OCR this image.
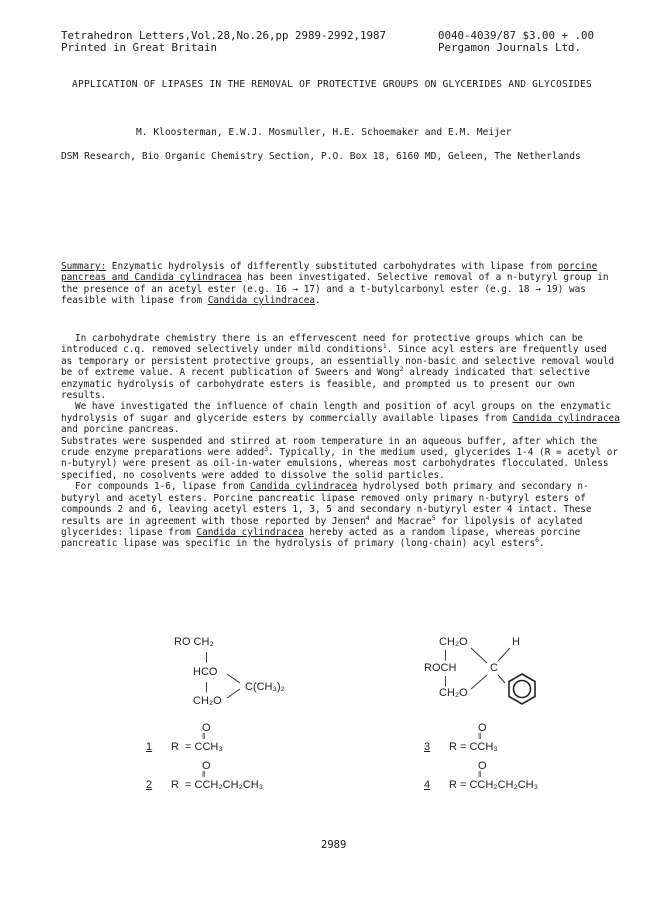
Tetrahedron Letters,Vol.28,No.26,pp 2989-2992,1987
Printed in Great Britain
0040-4039/87 $3.00 + .00
Pergamon Journals Ltd.
APPLICATION OF LIPASES IN THE REMOVAL OF PROTECTIVE GROUPS ON GLYCERIDES AND GLYCOSIDES
M. Kloosterman, E.W.J. Mosmuller, H.E. Schoemaker and E.M. Meijer
DSM Research, Bio Organic Chemistry Section, P.O. Box 18, 6160 MD, Geleen, The Netherlands

Summary: Enzymatic hydrolysis of differently substituted carbohydrates with lipase from porcine pancreas and Candida cylindracea has been investigated. Selective removal of a n-butyryl group in the presence of an acetyl ester (e.g. 16 → 17) and a t-butylcarbonyl ester (e.g. 18 → 19) was feasible with lipase from Candida cylindracea.

In carbohydrate chemistry there is an effervescent need for protective groups which can be introduced c.q. removed selectively under mild conditions$^1$. Since acyl esters are frequently used as temporary or persistent protective groups, an essentially non-basic and selective removal would be of extreme value. A recent publication of Sweers and Wong$^2$ already indicated that selective enzymatic hydrolysis of carbohydrate esters is feasible, and prompted us to present our own results.

We have investigated the influence of chain length and position of acyl groups on the enzymatic hydrolysis of sugar and glyceride esters by commercially available lipases from Candida cylindracea and porcine pancreas.

Substrates were suspended and stirred at room temperature in an aqueous buffer, after which the crude enzyme preparations were added$^3$. Typically, in the medium used, glycerides 1-4 (R = acetyl or n-butyryl) were present as oil-in-water emulsions, whereas most carbohydrates flocculated. Unless specified, no cosolvents were added to dissolve the solid particles.

For compounds 1-6, lipase from Candida cylindracea hydrolysed both primary and secondary n-butyryl and acetyl esters. Porcine pancreatic lipase removed only primary n-butyryl esters of compounds 2 and 6, leaving acetyl esters 1, 3, 5 and secondary n-butyryl ester 4 intact. These results are in agreement with those reported by Jensen$^4$ and Macrae$^5$ for lipolysis of acylated glycerides: lipase from Candida cylindracea hereby acted as a random lipase, whereas porcine pancreatic lipase was specific in the hydrolysis of primary (long-chain) acyl esters$^6$.

RO CH₂

|

HCO

|

CH₂O

C(CH₃)₂

CH₂O

	H

|

ROCH

	C

|

CH₂O

O
‖
1 R  = CCH₃
O
‖
2 R  = CCH₂CH₂CH₃
O
‖
3 R = CCH₃
O
‖
4 R = CCH₂CH₂CH₃
2989
